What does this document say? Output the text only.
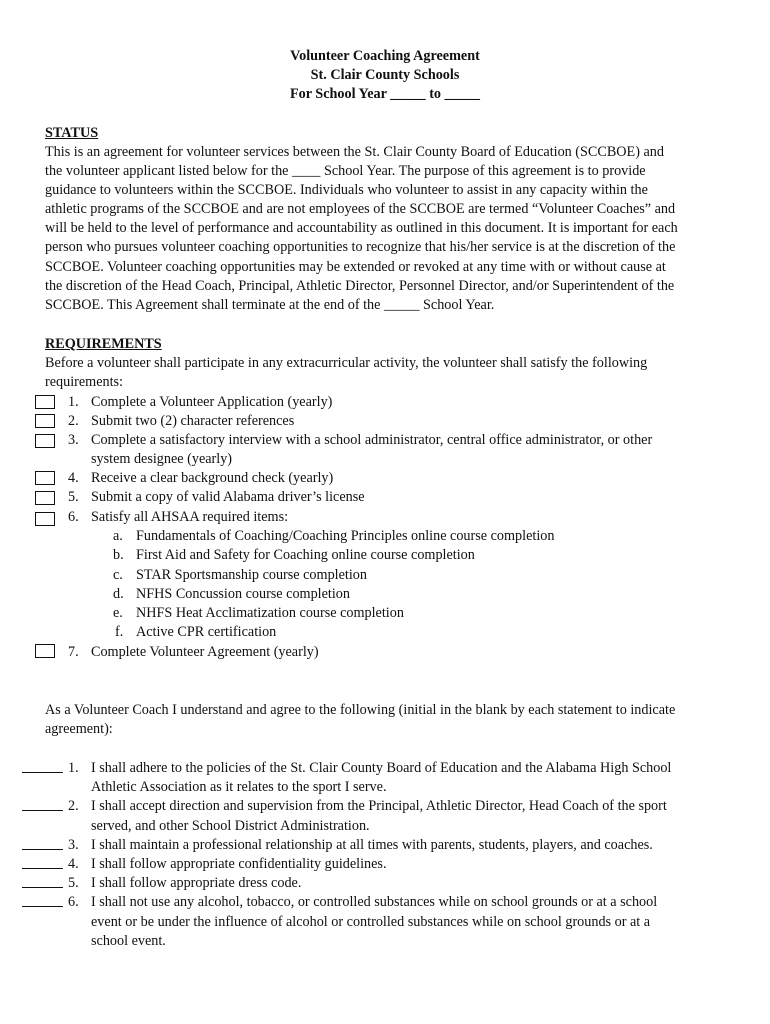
Volunteer Coaching Agreement
St. Clair County Schools
For School Year _____ to _____
STATUS
This is an agreement for volunteer services between the St. Clair County Board of Education (SCCBOE) and
the volunteer applicant listed below for the ____ School Year. The purpose of this agreement is to provide
guidance to volunteers within the SCCBOE. Individuals who volunteer to assist in any capacity within the
athletic programs of the SCCBOE and are not employees of the SCCBOE are termed “Volunteer Coaches” and
will be held to the level of performance and accountability as outlined in this document. It is important for each
person who pursues volunteer coaching opportunities to recognize that his/her service is at the discretion of the
SCCBOE. Volunteer coaching opportunities may be extended or revoked at any time with or without cause at
the discretion of the Head Coach, Principal, Athletic Director, Personnel Director, and/or Superintendent of the
SCCBOE. This Agreement shall terminate at the end of the _____ School Year.
REQUIREMENTS
Before a volunteer shall participate in any extracurricular activity, the volunteer shall satisfy the following
requirements:
1. Complete a Volunteer Application (yearly)
2. Submit two (2) character references
3. Complete a satisfactory interview with a school administrator, central office administrator, or other
system designee (yearly)
4. Receive a clear background check (yearly)
5. Submit a copy of valid Alabama driver’s license
6. Satisfy all AHSAA required items:
a. Fundamentals of Coaching/Coaching Principles online course completion
b. First Aid and Safety for Coaching online course completion
c. STAR Sportsmanship course completion
d. NFHS Concussion course completion
e. NHFS Heat Acclimatization course completion
f. Active CPR certification
7. Complete Volunteer Agreement (yearly)
As a Volunteer Coach I understand and agree to the following (initial in the blank by each statement to indicate
agreement):
1. I shall adhere to the policies of the St. Clair County Board of Education and the Alabama High School
Athletic Association as it relates to the sport I serve.
2. I shall accept direction and supervision from the Principal, Athletic Director, Head Coach of the sport
served, and other School District Administration.
3. I shall maintain a professional relationship at all times with parents, students, players, and coaches.
4. I shall follow appropriate confidentiality guidelines.
5. I shall follow appropriate dress code.
6. I shall not use any alcohol, tobacco, or controlled substances while on school grounds or at a school
event or be under the influence of alcohol or controlled substances while on school grounds or at a
school event.
